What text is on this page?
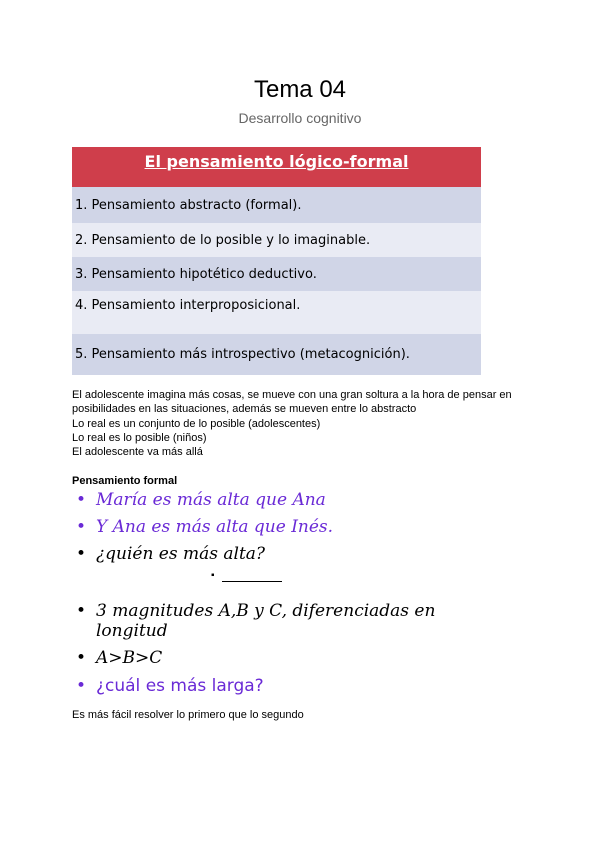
Tema 04
Desarrollo cognitivo
El pensamiento lógico-formal
1. Pensamiento abstracto (formal).
2. Pensamiento de lo posible y lo imaginable.
3. Pensamiento hipotético deductivo.
4. Pensamiento interproposicional.
5. Pensamiento más introspectivo (metacognición).
El adolescente imagina más cosas, se mueve con una gran soltura a la hora de pensar en
posibilidades en las situaciones, además se mueven entre lo abstracto
Lo real es un conjunto de lo posible (adolescentes)
Lo real es lo posible (niños)
El adolescente va más allá
Pensamiento formal
• María es más alta que Ana
• Y Ana es más alta que Inés.
• ¿quién es más alta?
• 3 magnitudes A,B y C, diferenciadas en longitud
• A>B>C
• ¿cuál es más larga?
▪
Es más fácil resolver lo primero que lo segundo
